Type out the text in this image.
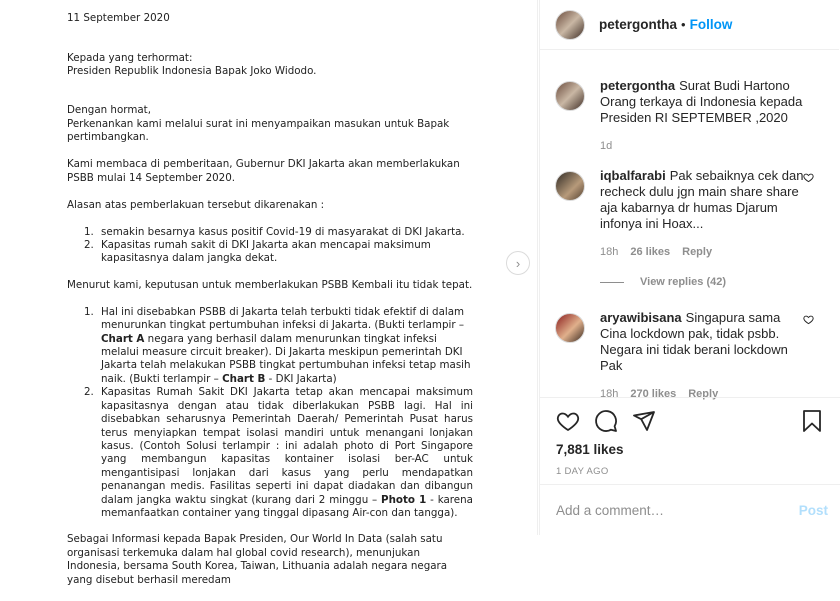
11 September 2020

Kepada yang terhormat:

Presiden Republik Indonesia Bapak Joko Widodo.

Dengan hormat,

Perkenankan kami melalui surat ini menyampaikan masukan untuk Bapak pertimbangkan.

Kami membaca di pemberitaan, Gubernur DKI Jakarta akan memberlakukan PSBB mulai 14 September 2020.

Alasan atas pemberlakuan tersebut dikarenakan :

1. semakin besarnya kasus positif Covid-19 di masyarakat di DKI Jakarta.
2. Kapasitas rumah sakit di DKI Jakarta akan mencapai maksimum kapasitasnya dalam jangka dekat.

Menurut kami, keputusan untuk memberlakukan PSBB Kembali itu tidak tepat.

1. Hal ini disebabkan PSBB di Jakarta telah terbukti tidak efektif di dalam menurunkan tingkat pertumbuhan infeksi di Jakarta. (Bukti terlampir – Chart A negara yang berhasil dalam menurunkan tingkat infeksi melalui measure circuit breaker). Di Jakarta meskipun pemerintah DKI Jakarta telah melakukan PSBB tingkat pertumbuhan infeksi tetap masih naik. (Bukti terlampir – Chart B - DKI Jakarta)
2. Kapasitas Rumah Sakit DKI Jakarta tetap akan mencapai maksimum kapasitasnya dengan atau tidak diberlakukan PSBB lagi. Hal ini disebabkan seharusnya Pemerintah Daerah/ Pemerintah Pusat harus terus menyiapkan tempat isolasi mandiri untuk menangani lonjakan kasus. (Contoh Solusi terlampir : ini adalah photo di Port Singapore yang membangun kapasitas kontainer isolasi ber-AC untuk mengantisipasi lonjakan dari kasus yang perlu mendapatkan penanangan medis. Fasilitas seperti ini dapat diadakan dan dibangun dalam jangka waktu singkat (kurang dari 2 minggu – Photo 1 - karena memanfaatkan container yang tinggal dipasang Air-con dan tangga).

Sebagai Informasi kepada Bapak Presiden, Our World In Data (salah satu organisasi terkemuka dalam hal global covid research), menunjukan Indonesia, bersama South Korea, Taiwan, Lithuania adalah negara negara yang disebut berhasil meredam

›
petergontha • Follow
petergontha Surat Budi Hartono Orang terkaya di Indonesia kepada Presiden RI SEPTEMBER ,2020
1d
iqbalfarabi Pak sebaiknya cek dan recheck dulu jgn main share share aja kabarnya dr humas Djarum infonya ini Hoax...
18h 26 likes Reply
View replies (42)
aryawibisana Singapura sama Cina lockdown pak, tidak psbb. Negara ini tidak berani lockdown Pak
18h 270 likes Reply
7,881 likes
1 DAY AGO
Add a comment…
Post
